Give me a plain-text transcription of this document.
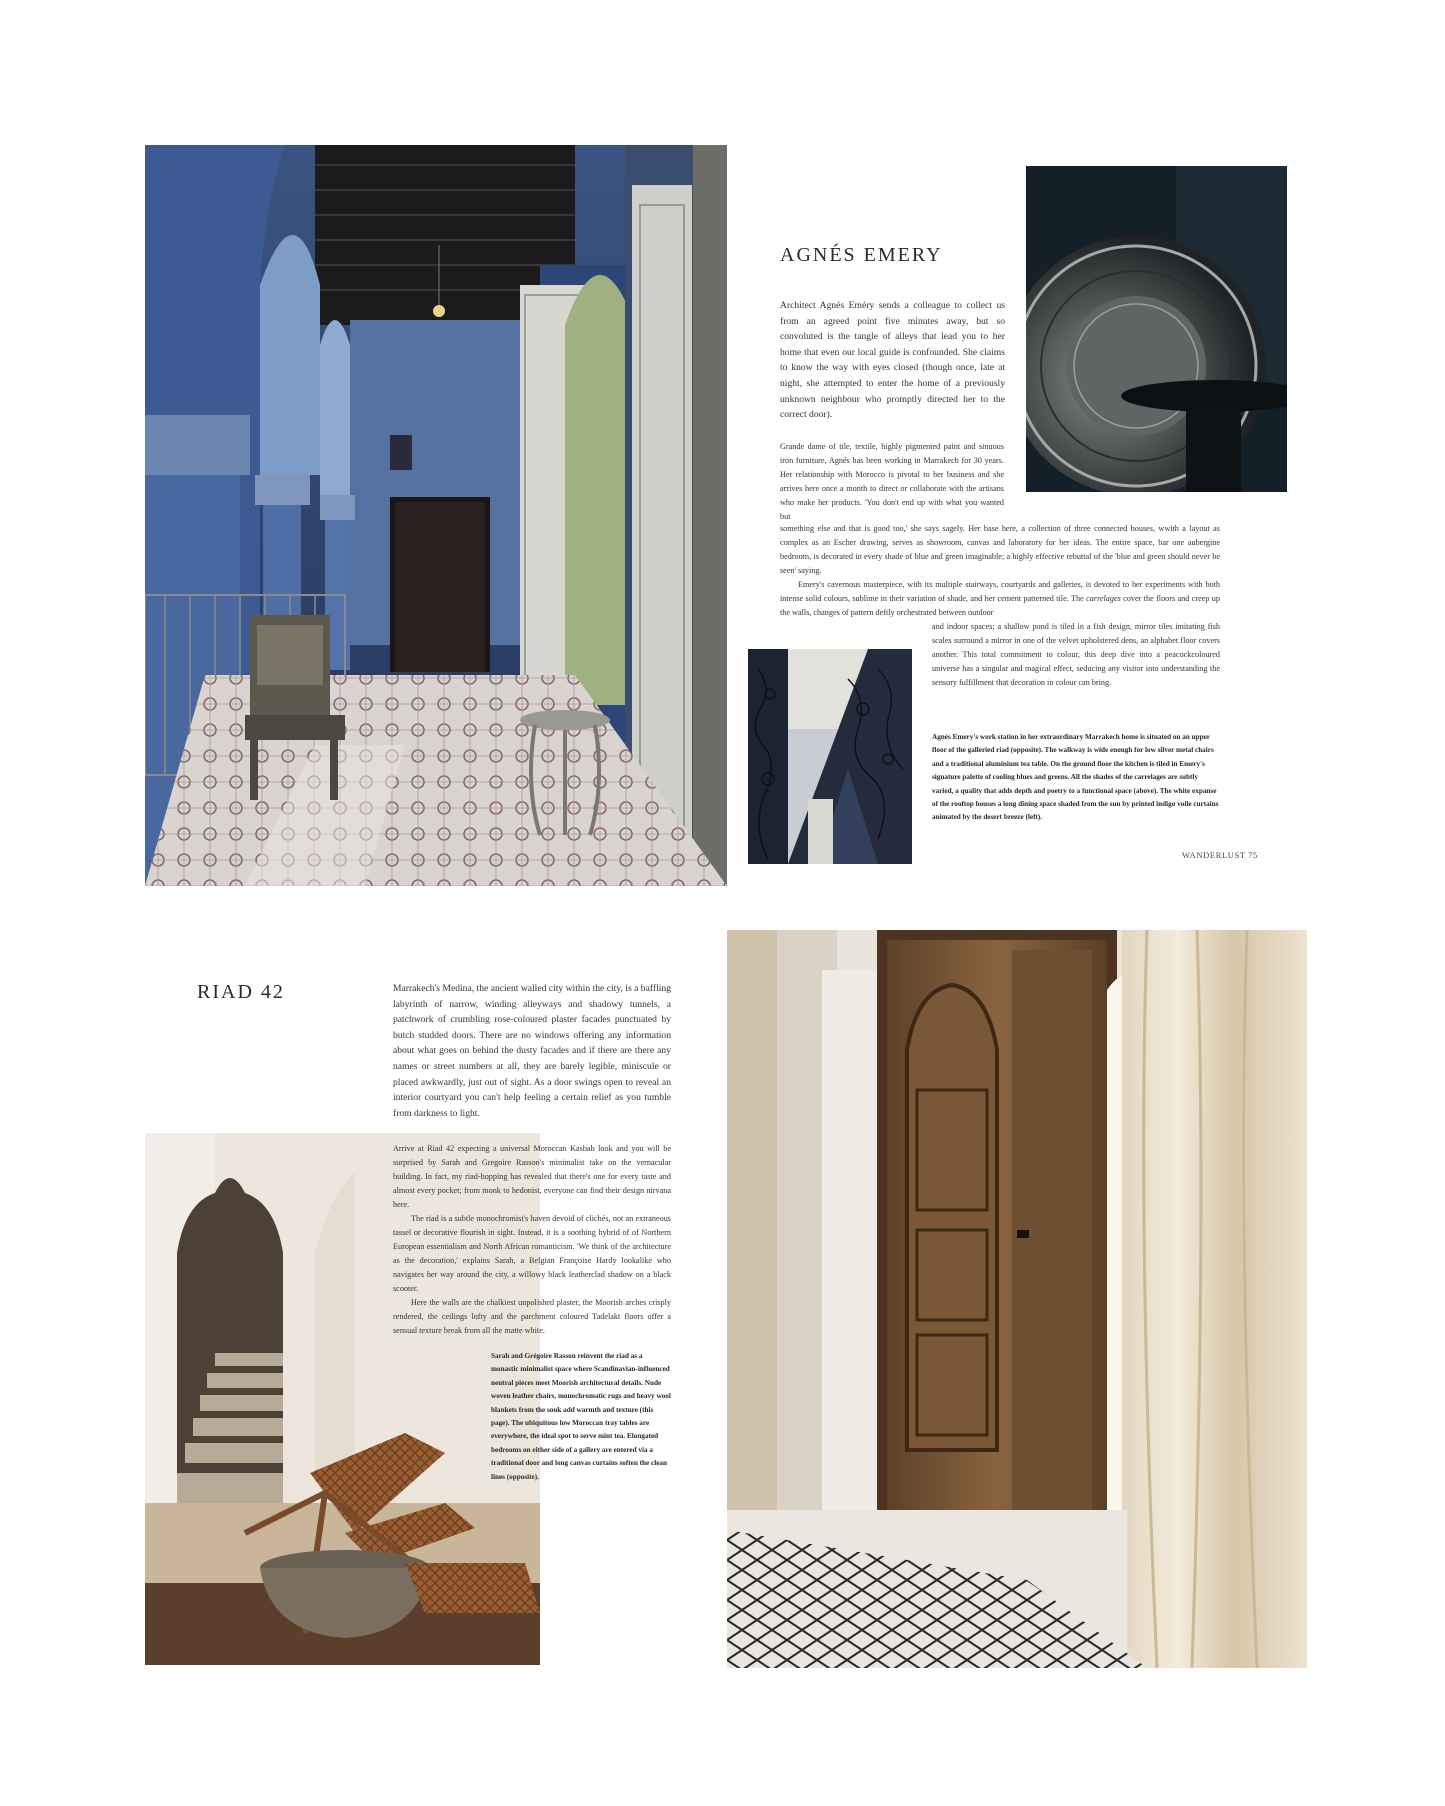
AGNÉS EMERY

Architect Agnés Eméry sends a colleague to collect us from an agreed point five minutes away, but so convoluted is the tangle of alleys that lead you to her home that even our local guide is confounded. She claims to know the way with eyes closed (though once, late at night, she attempted to enter the home of a previously unknown neighbour who promptly directed her to the correct door).

Grande dame of tile, textile, highly pigmented paint and sinuous iron furniture, Agnés has been working in Marrakech for 30 years. Her relationship with Morocco is pivotal to her business and she arrives here once a month to direct or collaborate with the artisans who make her products. 'You don't end up with what you wanted but

something else and that is good too,' she says sagely. Her base here, a collection of three connected houses, wwith a layout as complex as an Escher drawing, serves as showroom, canvas and laboratory for her ideas. The entire space, bar one aubergine bedroom, is decorated in every shade of blue and green imaginable; a highly effective rebuttal of the 'blue and green should never be seen' saying.

Emery's cavernous masterpiece, with its multiple stairways, courtyards and galleries, is devoted to her experiments with both intense solid colours, sublime in their variation of shade, and her cement patterned tile. The carrelages cover the floors and creep up the walls, changes of pattern deftly orchestrated between outdoor

and indoor spaces; a shallow pond is tiled in a fish design, mirror tiles imitating fish scales surround a mirror in one of the velvet upholstered dens, an alphabet floor covers another. This total commitment to colour, this deep dive into a peacockcoloured universe has a singular and magical effect, seducing any visitor into understanding the sensory fulfillment that decoration in colour can bring.

Agnés Emery's work station in her extraordinary Marrakech home is situated on an upper floor of the galleried riad (opposite). The walkway is wide enough for low silver metal chairs and a traditional aluminium tea table. On the ground floor the kitchen is tiled in Emery's signature palette of cooling blues and greens. All the shades of the carrelages are subtly varied, a quality that adds depth and poetry to a functional space (above). The white expanse of the rooftop houses a long dining space shaded from the sun by printed indigo voile curtains animated by the desert breeze (left).
WANDERLUST 75
RIAD 42	Marrakech's Medina, the ancient walled city within the city, is a baffling labyrinth of narrow, winding alleyways and shadowy tunnels, a patchwork of crumbling rose-coloured plaster facades punctuated by butch studded doors. There are no windows offering any information about what goes on behind the dusty facades and if there are there any names or street numbers at all, they are barely legible, miniscule or placed awkwardly, just out of sight. As a door swings open to reveal an interior courtyard you can't help feeling a certain relief as you tumble from darkness to light.

Arrive at Riad 42 expecting a universal Moroccan Kasbah look and you will be surprised by Sarah and Gregoire Rasson's minimalist take on the vernacular building. In fact, my riad-hopping has revealed that there's one for every taste and almost every pocket; from monk to hedonist, everyone can find their design nirvana here.

The riad is a subtle monochromist's haven devoid of clichés, not an extraneous tassel or decorative flourish in sight. Instead, it is a soothing hybrid of of Northern European essentialism and North African romanticism. 'We think of the architecture as the decoration,' explains Sarah, a Belgian Françoise Hardy lookalike who navigates her way around the city, a willowy black leatherclad shadow on a black scooter.

Here the walls are the chalkiest unpolished plaster, the Moorish arches crisply rendered, the ceilings lofty and the parchment coloured Tadelakt floors offer a sensual texture break from all the matte white.

Sarah and Grégoire Rasson reinvent the riad as a monastic minimalist space where Scandinavian-influenced neutral pieces meet Moorish architectural details. Nude woven leather chairs, monochromatic rugs and heavy wool blankets from the souk add warmth and texture (this page). The ubiquitous low Moroccan tray tables are everywhere, the ideal spot to serve mint tea. Elongated bedrooms on either side of a gallery are entered via a traditional door and long canvas curtains soften the clean lines (opposite).
